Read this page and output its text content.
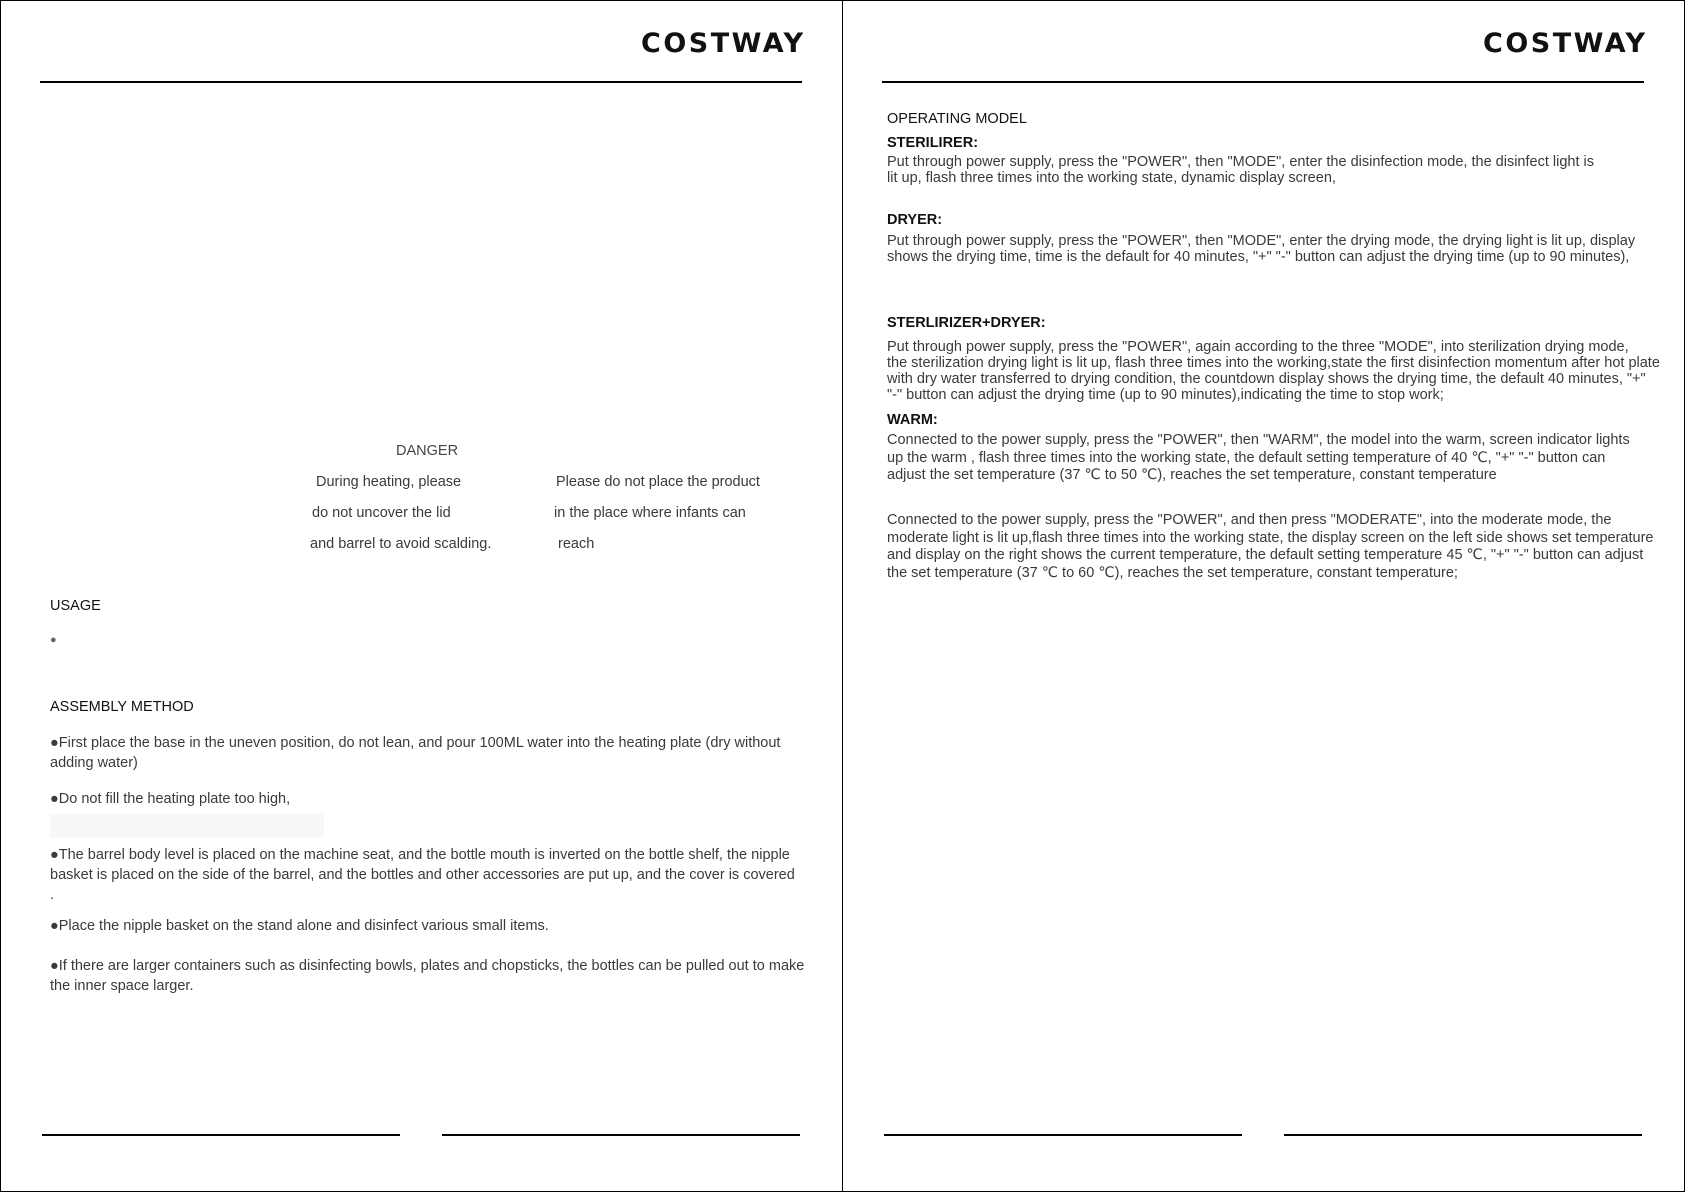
COSTWAY
DANGER
During heating, please
do not uncover the lid
and barrel to avoid scalding.
Please do not place the product
in the place where infants can
reach
USAGE
●
ASSEMBLY METHOD
●First place the base in the uneven position, do not lean, and pour 100ML water into the heating plate (dry without adding water)
●Do not fill the heating plate too high,
●The barrel body level is placed on the machine seat, and the bottle mouth is inverted on the bottle shelf, the nipple basket is placed on the side of the barrel, and the bottles and other accessories are put up, and the cover is covered .
●Place the nipple basket on the stand alone and disinfect various small items.
●If there are larger containers such as disinfecting bowls, plates and chopsticks, the bottles can be pulled out to make the inner space larger.
COSTWAY
OPERATING MODEL
STERILIRER:
Put through power supply, press the "POWER", then "MODE", enter the disinfection mode, the disinfect light is
lit up, flash three times into the working state, dynamic display screen,
DRYER:
Put through power supply, press the "POWER", then "MODE", enter the drying mode, the drying light is lit up, display
shows the drying time, time is the default for 40 minutes, "+" "-" button can adjust the drying time (up to 90 minutes),
STERLIRIZER+DRYER:
Put through power supply, press the "POWER", again according to the three "MODE", into sterilization drying mode,
the sterilization drying light is lit up, flash three times into the working,state the first disinfection momentum after hot plate
with dry water transferred to drying condition, the countdown display shows the drying time, the default 40 minutes, "+"
"-" button can adjust the drying time (up to 90 minutes),indicating the time to stop work;
WARM:
Connected to the power supply, press the "POWER", then "WARM", the model into the warm, screen indicator lights
up the warm , flash three times into the working state, the default setting temperature of 40 ℃, "+" "-" button can
adjust the set temperature (37 ℃ to 50 ℃), reaches the set temperature, constant temperature
Connected to the power supply, press the "POWER", and then press "MODERATE", into the moderate mode, the
moderate light is lit up,flash three times into the working state, the display screen on the left side shows set temperature
and display on the right shows the current temperature, the default setting temperature 45 ℃, "+" "-" button can adjust
the set temperature (37 ℃ to 60 ℃), reaches the set temperature, constant temperature;
